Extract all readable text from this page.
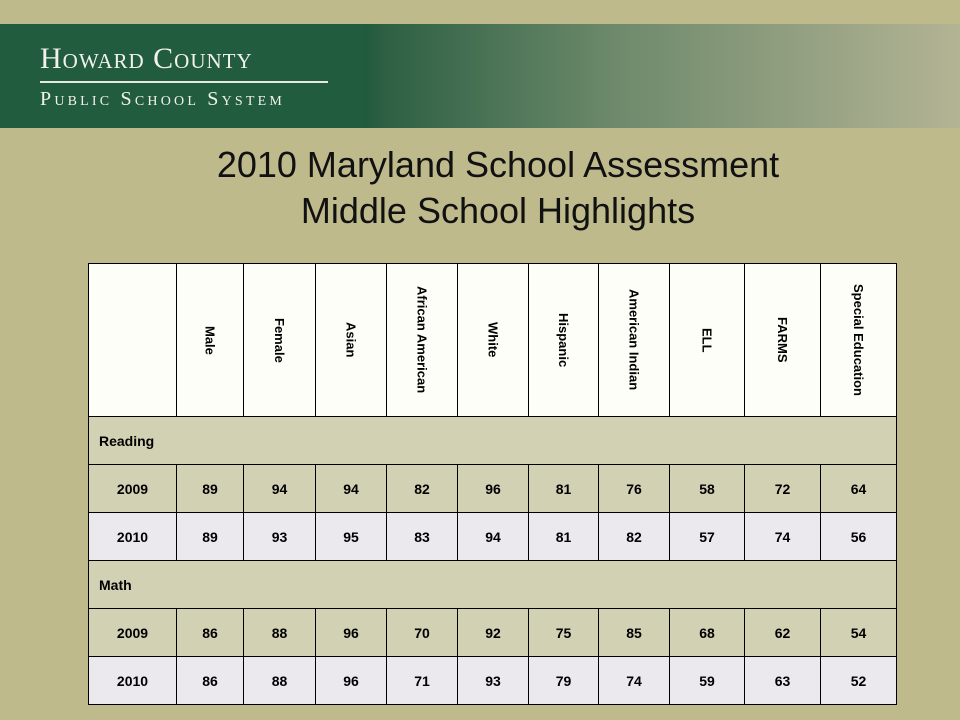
Howard County
Public School System
2010 Maryland School Assessment
Middle School Highlights

	Male	Female	Asian	African American	White	Hispanic	American Indian	ELL	FARMS	Special Education

Reading										
2009	89	94	94	82	96	81	76	58	72	64
2010	89	93	95	83	94	81	82	57	74	56
Math										
2009	86	88	96	70	92	75	85	68	62	54
2010	86	88	96	71	93	79	74	59	63	52
